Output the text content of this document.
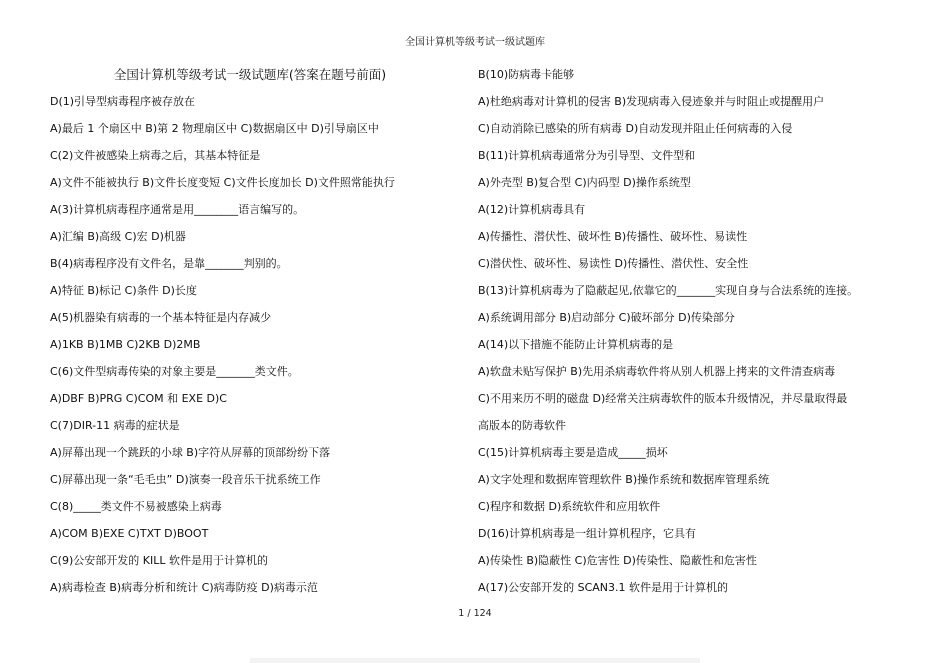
全国计算机等级考试一级试题库
全国计算机等级考试一级试题库(答案在题号前面)
D(1)引导型病毒程序被存放在
A)最后 1 个扇区中 B)第 2 物理扇区中 C)数据扇区中 D)引导扇区中
C(2)文件被感染上病毒之后，其基本特征是
A)文件不能被执行 B)文件长度变短 C)文件长度加长 D)文件照常能执行
A(3)计算机病毒程序通常是用________语言编写的。
A)汇编 B)高级 C)宏 D)机器
B(4)病毒程序没有文件名，是靠_______判别的。
A)特征 B)标记 C)条件 D)长度
A(5)机器染有病毒的一个基本特征是内存减少
A)1KB B)1MB C)2KB D)2MB
C(6)文件型病毒传染的对象主要是_______类文件。
A)DBF B)PRG C)COM 和 EXE D)C
C(7)DIR-11 病毒的症状是
A)屏幕出现一个跳跃的小球 B)字符从屏幕的顶部纷纷下落
C)屏幕出现一条“毛毛虫” D)演奏一段音乐干扰系统工作
C(8)_____类文件不易被感染上病毒
A)COM B)EXE C)TXT D)BOOT
C(9)公安部开发的 KILL 软件是用于计算机的
A)病毒检查 B)病毒分析和统计 C)病毒防疫 D)病毒示范
B(10)防病毒卡能够
A)杜绝病毒对计算机的侵害 B)发现病毒入侵迹象并与时阻止或提醒用户
C)自动消除已感染的所有病毒 D)自动发现并阻止任何病毒的入侵
B(11)计算机病毒通常分为引导型、文件型和
A)外壳型 B)复合型 C)内码型 D)操作系统型
A(12)计算机病毒具有
A)传播性、潜伏性、破坏性 B)传播性、破坏性、易读性
C)潜伏性、破坏性、易读性 D)传播性、潜伏性、安全性
B(13)计算机病毒为了隐蔽起见,依靠它的_______实现自身与合法系统的连接。
A)系统调用部分 B)启动部分 C)破坏部分 D)传染部分
A(14)以下措施不能防止计算机病毒的是
A)软盘未贴写保护 B)先用杀病毒软件将从别人机器上拷来的文件清查病毒
C)不用来历不明的磁盘 D)经常关注病毒软件的版本升级情况，并尽量取得最
高版本的防毒软件
C(15)计算机病毒主要是造成_____损坏
A)文字处理和数据库管理软件 B)操作系统和数据库管理系统
C)程序和数据 D)系统软件和应用软件
D(16)计算机病毒是一组计算机程序，它具有
A)传染性 B)隐蔽性 C)危害性 D)传染性、隐蔽性和危害性
A(17)公安部开发的 SCAN3.1 软件是用于计算机的
1 / 124
